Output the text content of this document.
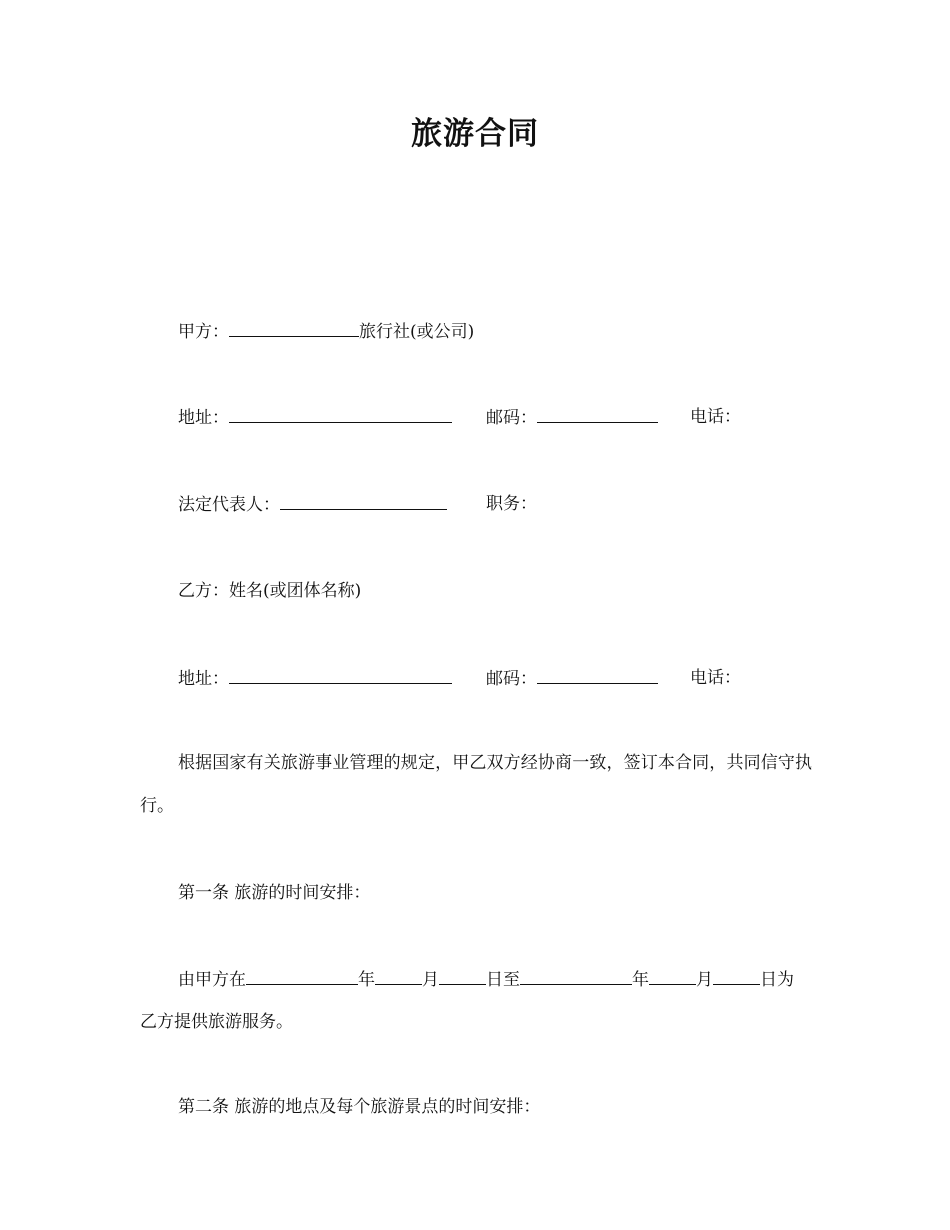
旅游合同
甲方：	旅行社(或公司)
地址：	邮码：	电话：
法定代表人：	职务：
乙方：姓名(或团体名称)
地址：	邮码：	电话：
根据国家有关旅游事业管理的规定，甲乙双方经协商一致，签订本合同，共同信守执行。
第一条 旅游的时间安排：
由甲方在	年	月	日至	年	月	日为
乙方提供旅游服务。
第二条 旅游的地点及每个旅游景点的时间安排：
